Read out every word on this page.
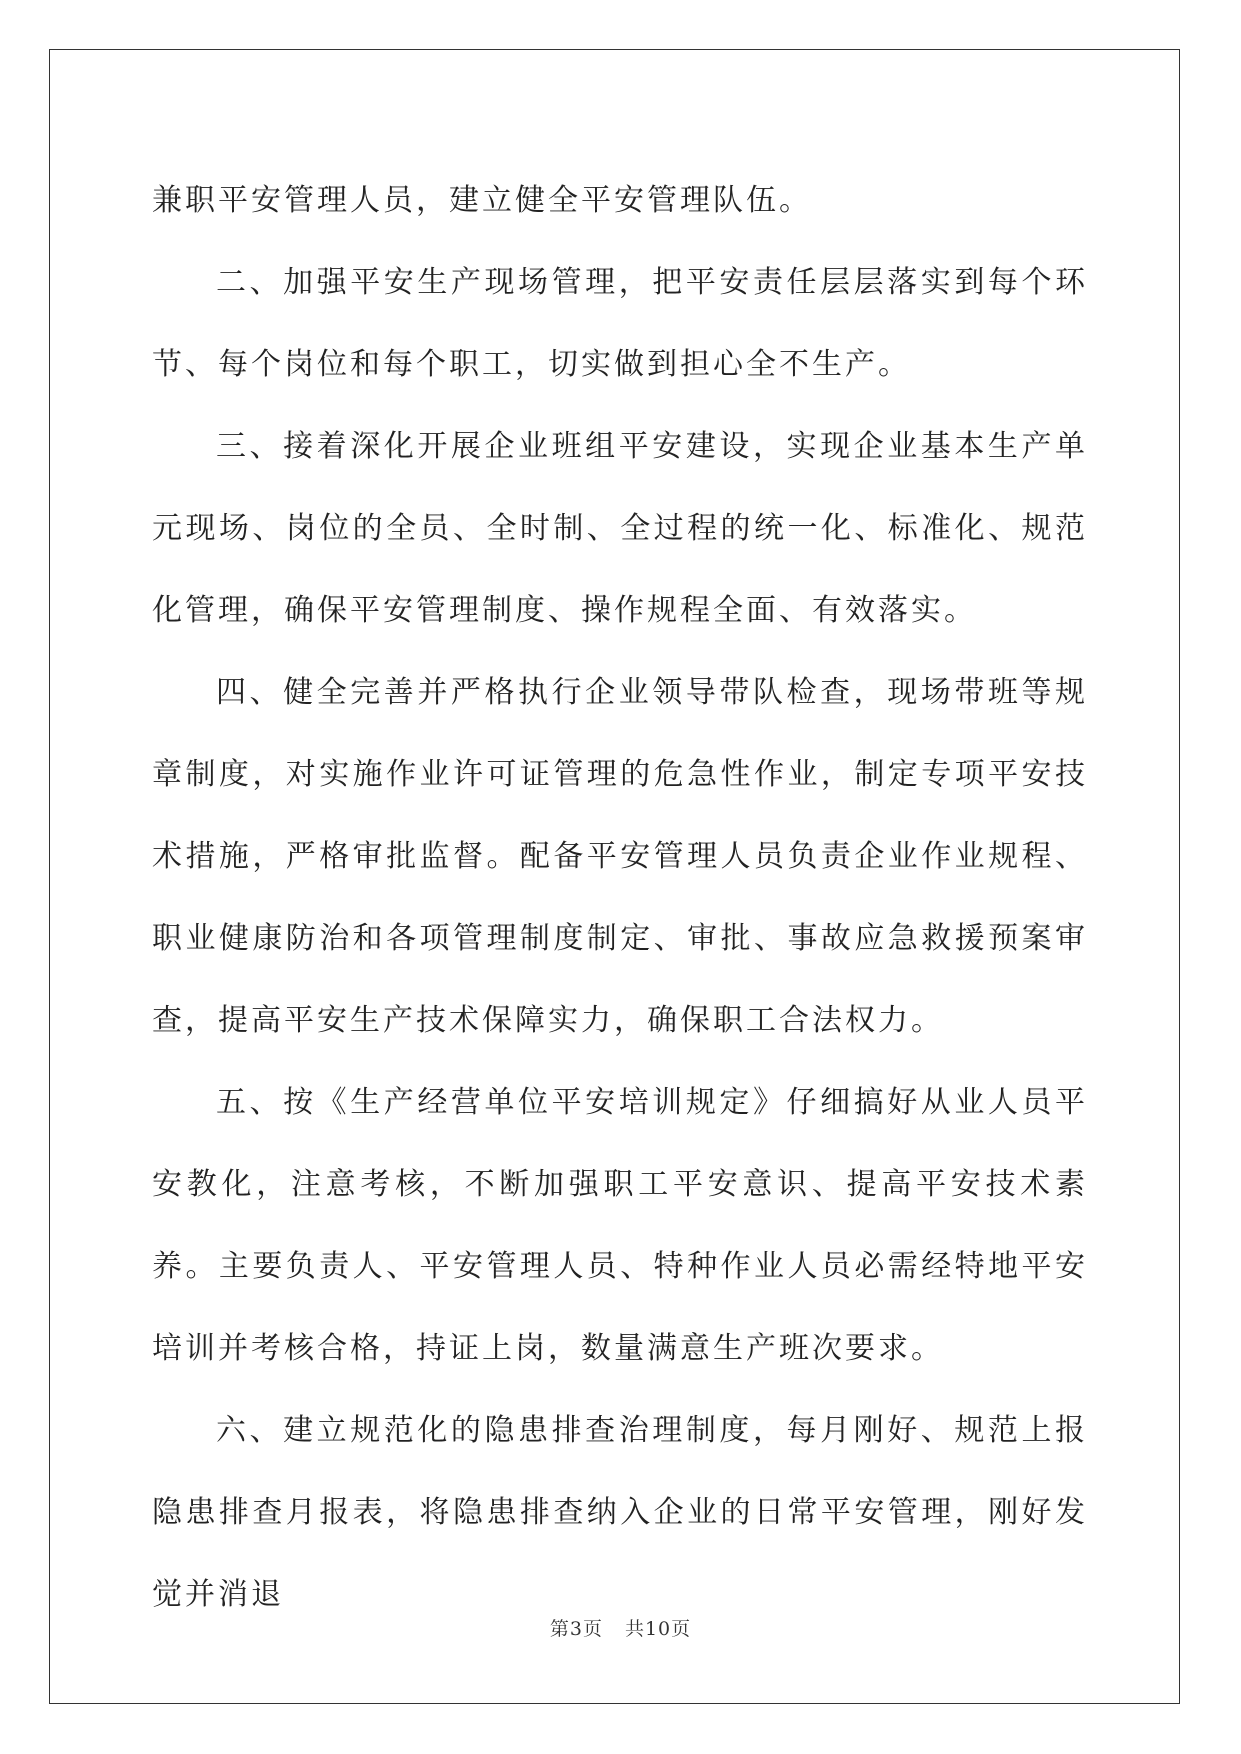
兼职平安管理人员，建立健全平安管理队伍。

二、加强平安生产现场管理，把平安责任层层落实到每个环节、每个岗位和每个职工，切实做到担心全不生产。

三、接着深化开展企业班组平安建设，实现企业基本生产单元现场、岗位的全员、全时制、全过程的统一化、标准化、规范化管理，确保平安管理制度、操作规程全面、有效落实。

四、健全完善并严格执行企业领导带队检查，现场带班等规章制度，对实施作业许可证管理的危急性作业，制定专项平安技术措施，严格审批监督。配备平安管理人员负责企业作业规程、职业健康防治和各项管理制度制定、审批、事故应急救援预案审查，提高平安生产技术保障实力，确保职工合法权力。

五、按《生产经营单位平安培训规定》仔细搞好从业人员平安教化，注意考核，不断加强职工平安意识、提高平安技术素养。主要负责人、平安管理人员、特种作业人员必需经特地平安培训并考核合格，持证上岗，数量满意生产班次要求。

六、建立规范化的隐患排查治理制度，每月刚好、规范上报隐患排查月报表，将隐患排查纳入企业的日常平安管理，刚好发觉并消退

第3页 共10页
